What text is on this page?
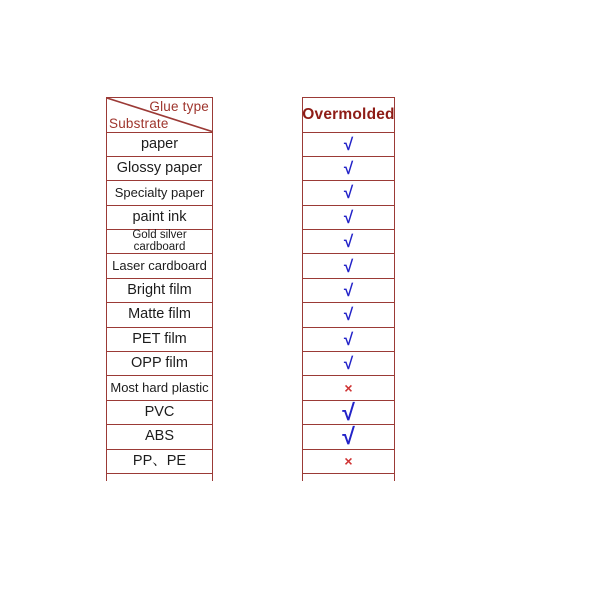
Glue type
Substrate
paper
Glossy paper
Specialty paper
paint ink
Gold silver cardboard
Laser cardboard
Bright film
Matte film
PET film
OPP film
Most hard plastic
PVC
ABS
PP、PE
Overmolded
√
√
√
√
√
√
√
√
√
√
×
√
√
×
